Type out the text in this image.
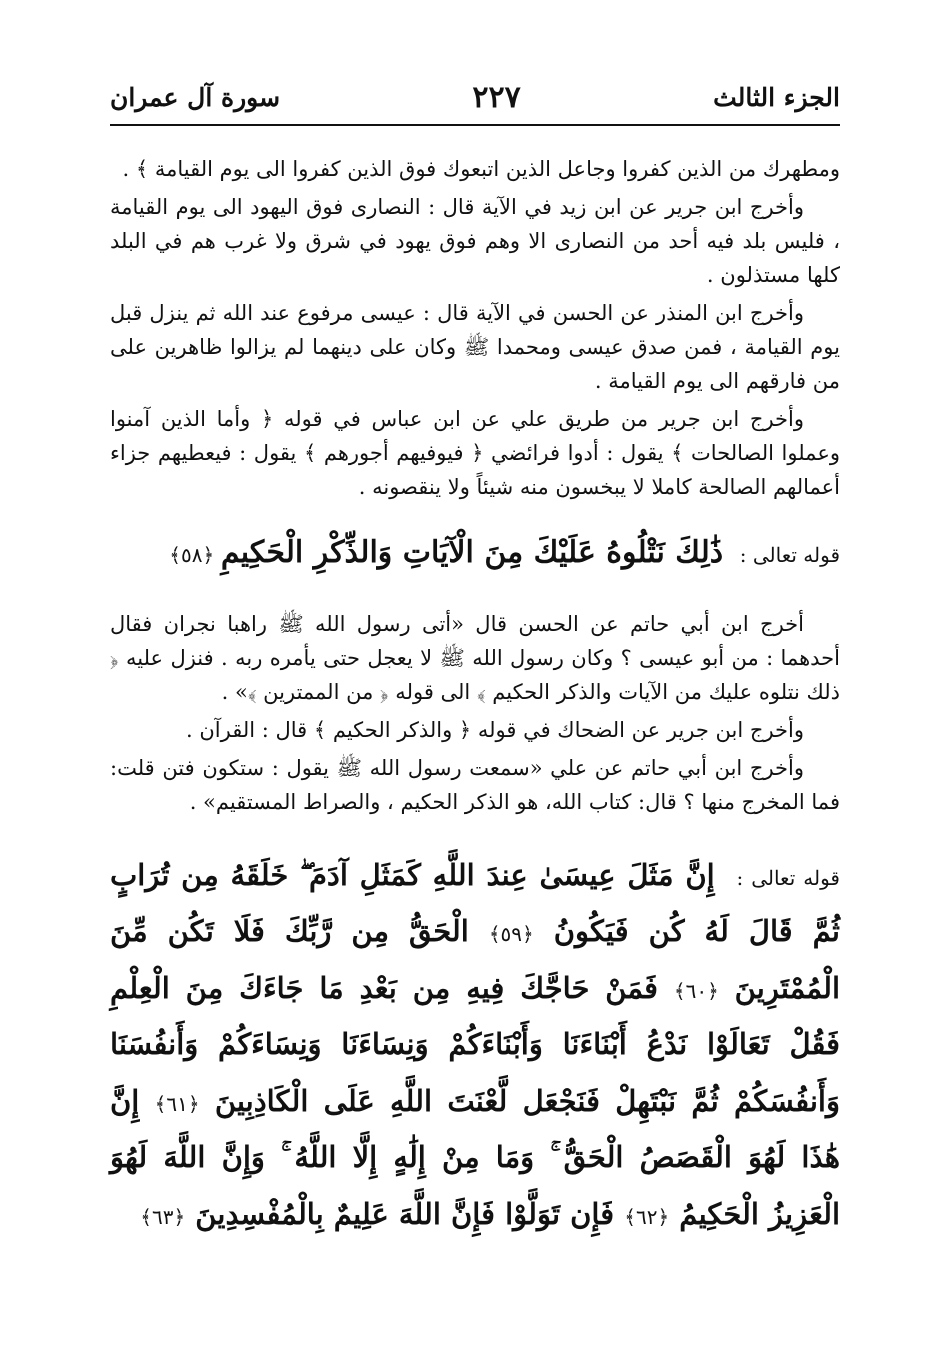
الجزء الثالث
٢٢٧
سورة آل عمران

ومطهرك من الذين كفروا وجاعل الذين اتبعوك فوق الذين كفروا الى يوم القيامة ﴾ .

وأخرج ابن جرير عن ابن زيد في الآية قال : النصارى فوق اليهود الى يوم القيامة ، فليس بلد فيه أحد من النصارى الا وهم فوق يهود في شرق ولا غرب هم في البلد كلها مستذلون .

وأخرج ابن المنذر عن الحسن في الآية قال : عيسى مرفوع عند الله ثم ينزل قبل يوم القيامة ، فمن صدق عيسى ومحمدا ﷺ وكان على دينهما لم يزالوا ظاهرين على من فارقهم الى يوم القيامة .

وأخرج ابن جرير من طريق علي عن ابن عباس في قوله ﴿ وأما الذين آمنوا وعملوا الصالحات ﴾ يقول : أدوا فرائضي ﴿ فيوفيهم أجورهم ﴾ يقول : فيعطيهم جزاء أعمالهم الصالحة كاملا لا يبخسون منه شيئاً ولا ينقصونه .

قوله تعالى : ذَٰلِكَ نَتْلُوهُ عَلَيْكَ مِنَ الْآيَاتِ وَالذِّكْرِ الْحَكِيمِ ﴿٥٨﴾

أخرج ابن أبي حاتم عن الحسن قال «أتى رسول الله ﷺ راهبا نجران فقال أحدهما : من أبو عيسى ؟ وكان رسول الله ﷺ لا يعجل حتى يأمره ربه . فنزل عليه ﴿ ذلك نتلوه عليك من الآيات والذكر الحكيم ﴾ الى قوله ﴿ من الممترين ﴾» .

وأخرج ابن جرير عن الضحاك في قوله ﴿ والذكر الحكيم ﴾ قال : القرآن .

وأخرج ابن أبي حاتم عن علي «سمعت رسول الله ﷺ يقول : ستكون فتن قلت: فما المخرج منها ؟ قال: كتاب الله، هو الذكر الحكيم ، والصراط المستقيم» .

قوله تعالى : إِنَّ مَثَلَ عِيسَىٰ عِندَ اللَّهِ كَمَثَلِ آدَمَ ۖ خَلَقَهُ مِن تُرَابٍ ثُمَّ قَالَ لَهُ كُن فَيَكُونُ ﴿٥٩﴾ الْحَقُّ مِن رَّبِّكَ فَلَا تَكُن مِّنَ الْمُمْتَرِينَ ﴿٦٠﴾ فَمَنْ حَاجَّكَ فِيهِ مِن بَعْدِ مَا جَاءَكَ مِنَ الْعِلْمِ فَقُلْ تَعَالَوْا نَدْعُ أَبْنَاءَنَا وَأَبْنَاءَكُمْ وَنِسَاءَنَا وَنِسَاءَكُمْ وَأَنفُسَنَا وَأَنفُسَكُمْ ثُمَّ نَبْتَهِلْ فَنَجْعَل لَّعْنَتَ اللَّهِ عَلَى الْكَاذِبِينَ ﴿٦١﴾ إِنَّ هَٰذَا لَهُوَ الْقَصَصُ الْحَقُّ ۚ وَمَا مِنْ إِلَٰهٍ إِلَّا اللَّهُ ۚ وَإِنَّ اللَّهَ لَهُوَ الْعَزِيزُ الْحَكِيمُ ﴿٦٢﴾ فَإِن تَوَلَّوْا فَإِنَّ اللَّهَ عَلِيمٌ بِالْمُفْسِدِينَ ﴿٦٣﴾
